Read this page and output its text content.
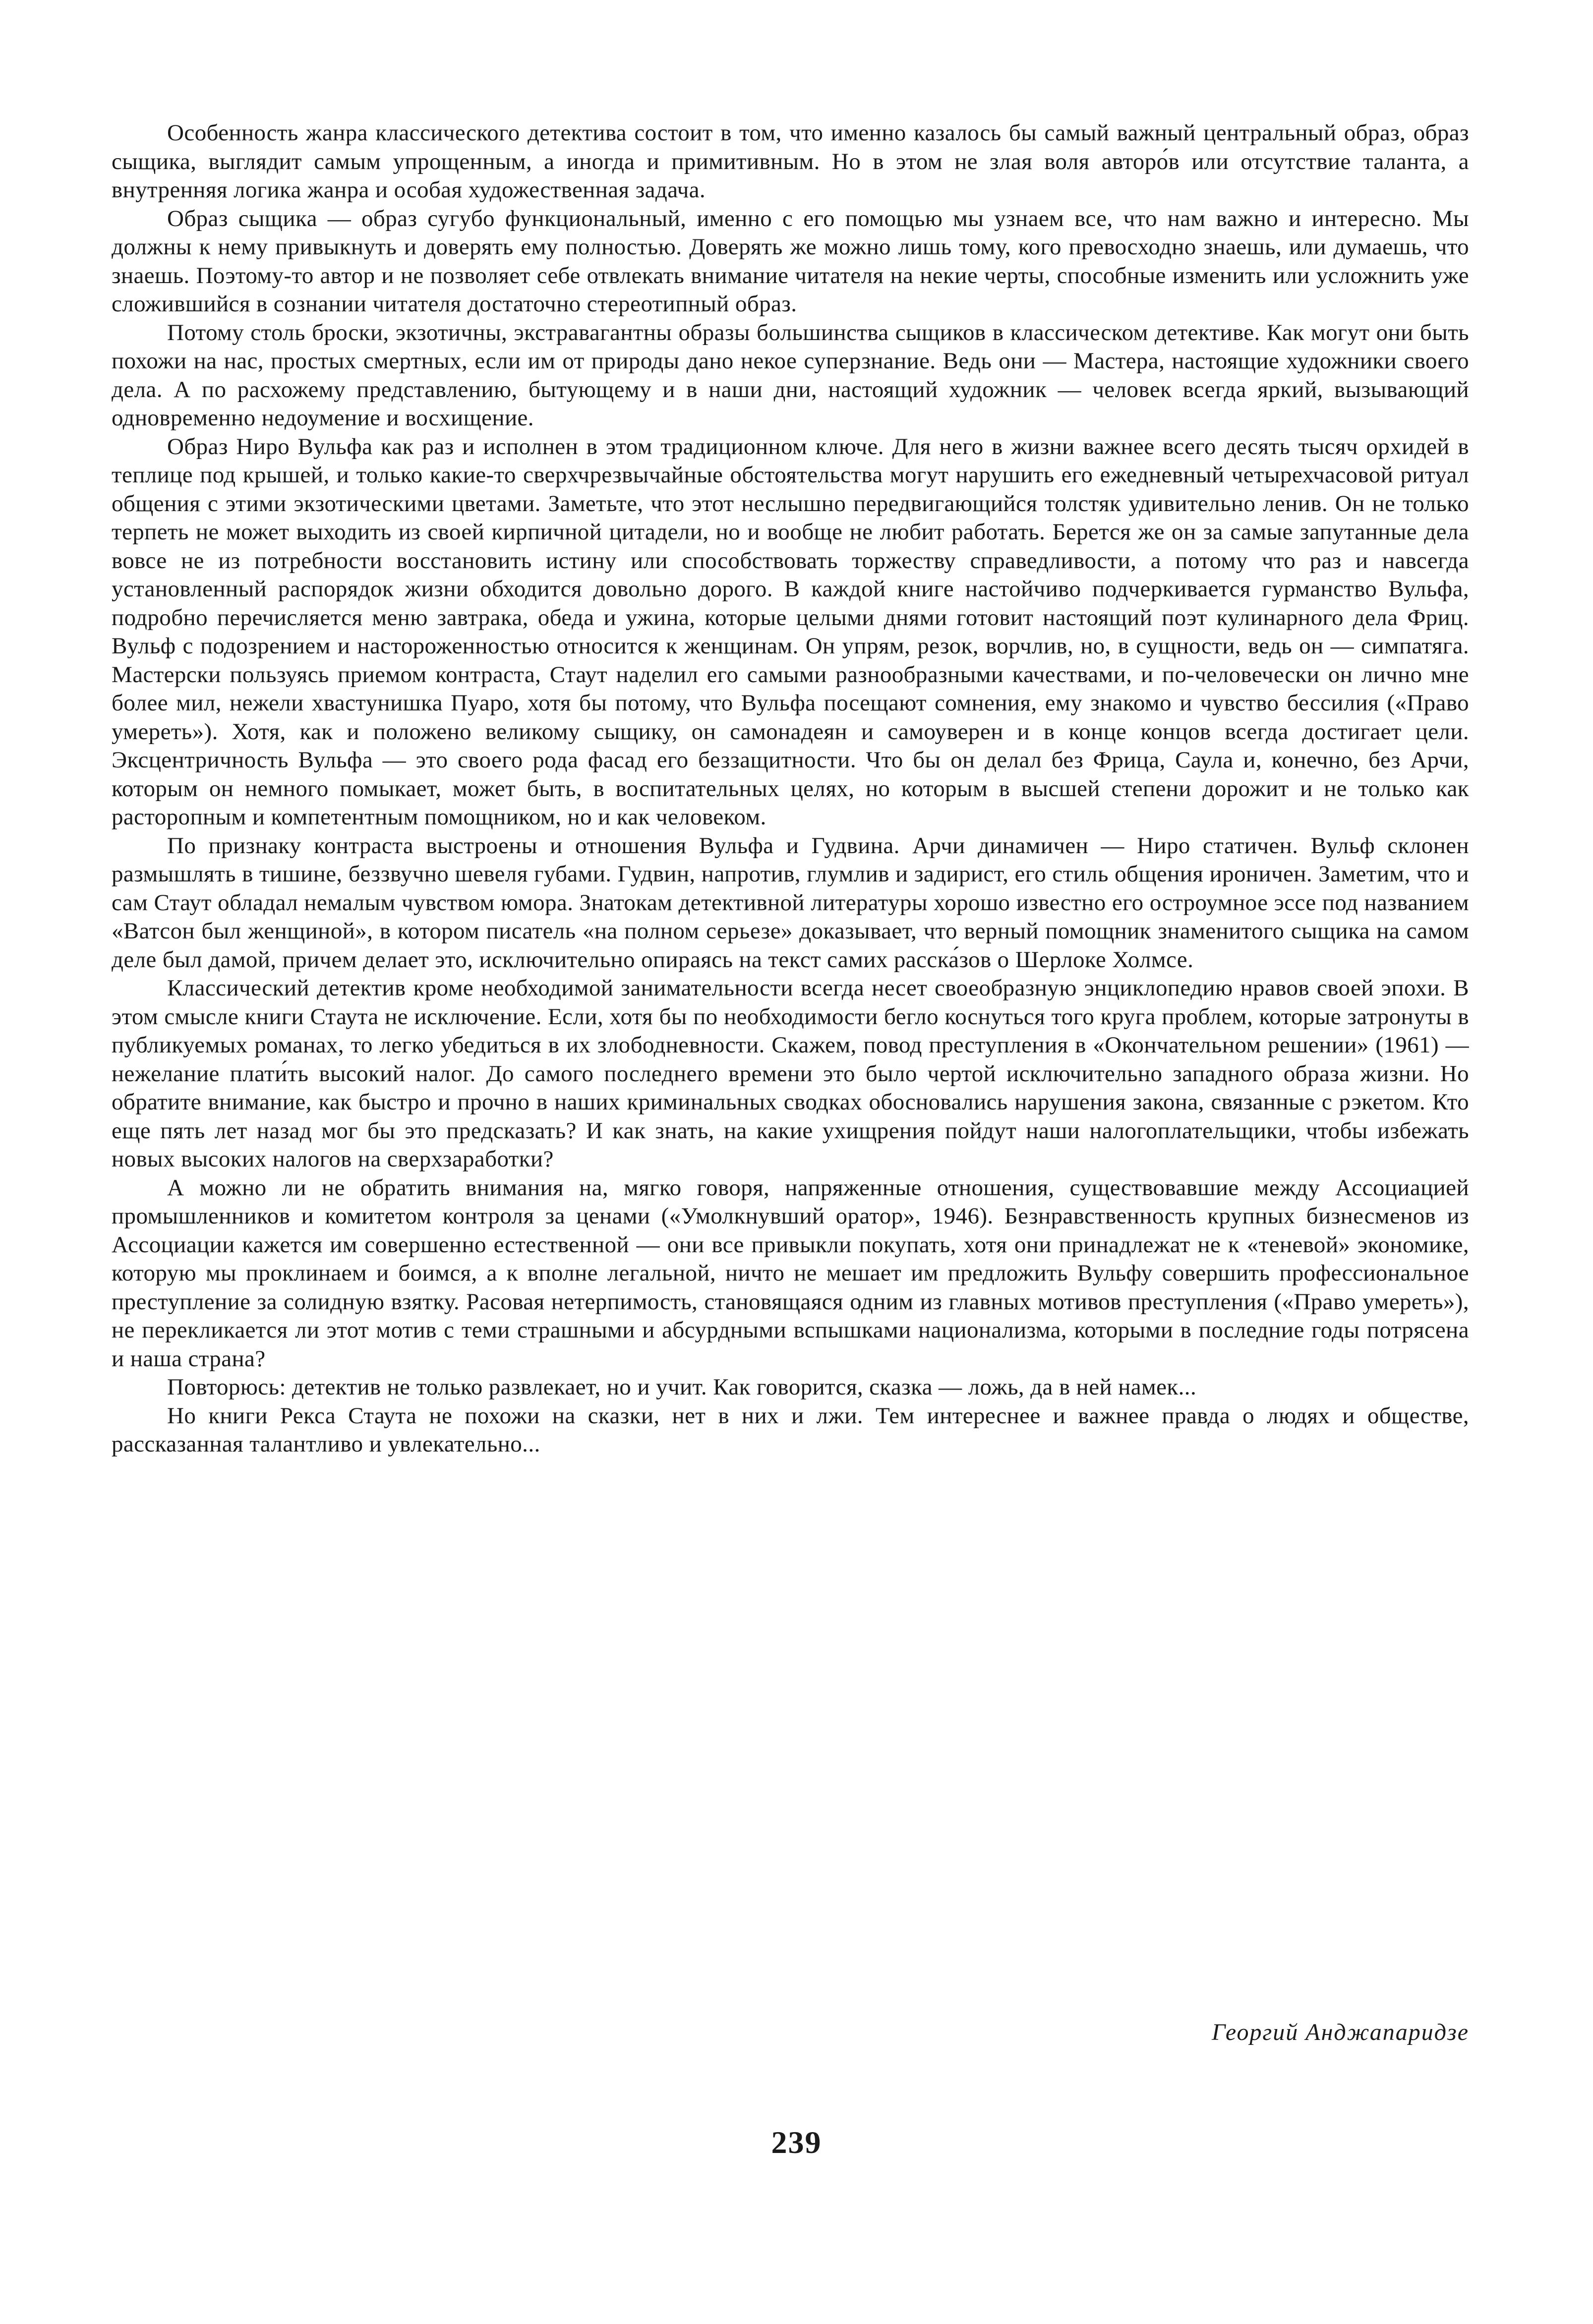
Особенность жанра классического детектива состоит в том, что именно казалось бы самый важный центральный образ, образ сыщика, выглядит самым упрощенным, а иногда и примитивным. Но в этом не злая воля авторо́в или отсутствие таланта, а внутренняя логика жанра и особая художественная задача.

Образ сыщика — образ сугубо функциональный, именно с его помощью мы узнаем все, что нам важно и интересно. Мы должны к нему привыкнуть и доверять ему полностью. Доверять же можно лишь тому, кого превосходно знаешь, или думаешь, что знаешь. Поэтому-то автор и не позволяет себе отвлекать внимание читателя на некие черты, способные изменить или усложнить уже сложившийся в сознании читателя достаточно стереотипный образ.

Потому столь броски, экзотичны, экстравагантны образы большинства сыщиков в классическом детективе. Как могут они быть похожи на нас, простых смертных, если им от природы дано некое суперзнание. Ведь они — Мастера, настоящие художники своего дела. А по расхожему представлению, бытующему и в наши дни, настоящий художник — человек всегда яркий, вызывающий одновременно недоумение и восхищение.

Образ Ниро Вульфа как раз и исполнен в этом традиционном ключе. Для него в жизни важнее всего десять тысяч орхидей в теплице под крышей, и только какие-то сверхчрезвычайные обстоятельства могут нарушить его ежедневный четырехчасовой ритуал общения с этими экзотическими цветами. Заметьте, что этот неслышно передвигающийся толстяк удивительно ленив. Он не только терпеть не может выходить из своей кирпичной цитадели, но и вообще не любит работать. Берется же он за самые запутанные дела вовсе не из потребности восстановить истину или способствовать торжеству справедливости, а потому что раз и навсегда установленный распорядок жизни обходится довольно дорого. В каждой книге настойчиво подчеркивается гурманство Вульфа, подробно перечисляется меню завтрака, обеда и ужина, которые целыми днями готовит настоящий поэт кулинарного дела Фриц. Вульф с подозрением и настороженностью относится к женщинам. Он упрям, резок, ворчлив, но, в сущности, ведь он — симпатяга. Мастерски пользуясь приемом контраста, Стаут наделил его самыми разнообразными качествами, и по-человечески он лично мне более мил, нежели хвастунишка Пуаро, хотя бы потому, что Вульфа посещают сомнения, ему знакомо и чувство бессилия («Право умереть»). Хотя, как и положено великому сыщику, он самонадеян и самоуверен и в конце концов всегда достигает цели. Эксцентричность Вульфа — это своего рода фасад его беззащитности. Что бы он делал без Фрица, Саула и, конечно, без Арчи, которым он немного помыкает, может быть, в воспитательных целях, но которым в высшей степени дорожит и не только как расторопным и компетентным помощником, но и как человеком.

По признаку контраста выстроены и отношения Вульфа и Гудвина. Арчи динамичен — Ниро статичен. Вульф склонен размышлять в тишине, беззвучно шевеля губами. Гудвин, напротив, глумлив и задирист, его стиль общения ироничен. Заметим, что и сам Стаут обладал немалым чувством юмора. Знатокам детективной литературы хорошо известно его остроумное эссе под названием «Ватсон был женщиной», в котором писатель «на полном серьезе» доказывает, что верный помощник знаменитого сыщика на самом деле был дамой, причем делает это, исключительно опираясь на текст самих расска́зов о Шерлоке Холмсе.

Классический детектив кроме необходимой занимательности всегда несет своеобразную энциклопедию нравов своей эпохи. В этом смысле книги Стаута не исключение. Если, хотя бы по необходимости бегло коснуться того круга проблем, которые затронуты в публикуемых романах, то легко убедиться в их злободневности. Скажем, повод преступления в «Окончательном решении» (1961) — нежелание плати́ть высокий налог. До самого последнего времени это было чертой исключительно западного образа жизни. Но обратите внимание, как быстро и прочно в наших криминальных сводках обосновались нарушения закона, связанные с рэкетом. Кто еще пять лет назад мог бы это предсказать? И как знать, на какие ухищрения пойдут наши налогоплательщики, чтобы избежать новых высоких налогов на сверхзаработки?

А можно ли не обратить внимания на, мягко говоря, напряженные отношения, существовавшие между Ассоциацией промышленников и комитетом контроля за ценами («Умолкнувший оратор», 1946). Безнравственность крупных бизнесменов из Ассоциации кажется им совершенно естественной — они все привыкли покупать, хотя они принадлежат не к «теневой» экономике, которую мы проклинаем и боимся, а к вполне легальной, ничто не мешает им предложить Вульфу совершить профессиональное преступление за солидную взятку. Расовая нетерпимость, становящаяся одним из главных мотивов преступления («Право умереть»), не перекликается ли этот мотив с теми страшными и абсурдными вспышками национализма, которыми в последние годы потрясена и наша страна?

Повторюсь: детектив не только развлекает, но и учит. Как говорится, сказка — ложь, да в ней намек...

Но книги Рекса Стаута не похожи на сказки, нет в них и лжи. Тем интереснее и важнее правда о людях и обществе, рассказанная талантливо и увлекательно...

Георгий Анджапаридзе
239
